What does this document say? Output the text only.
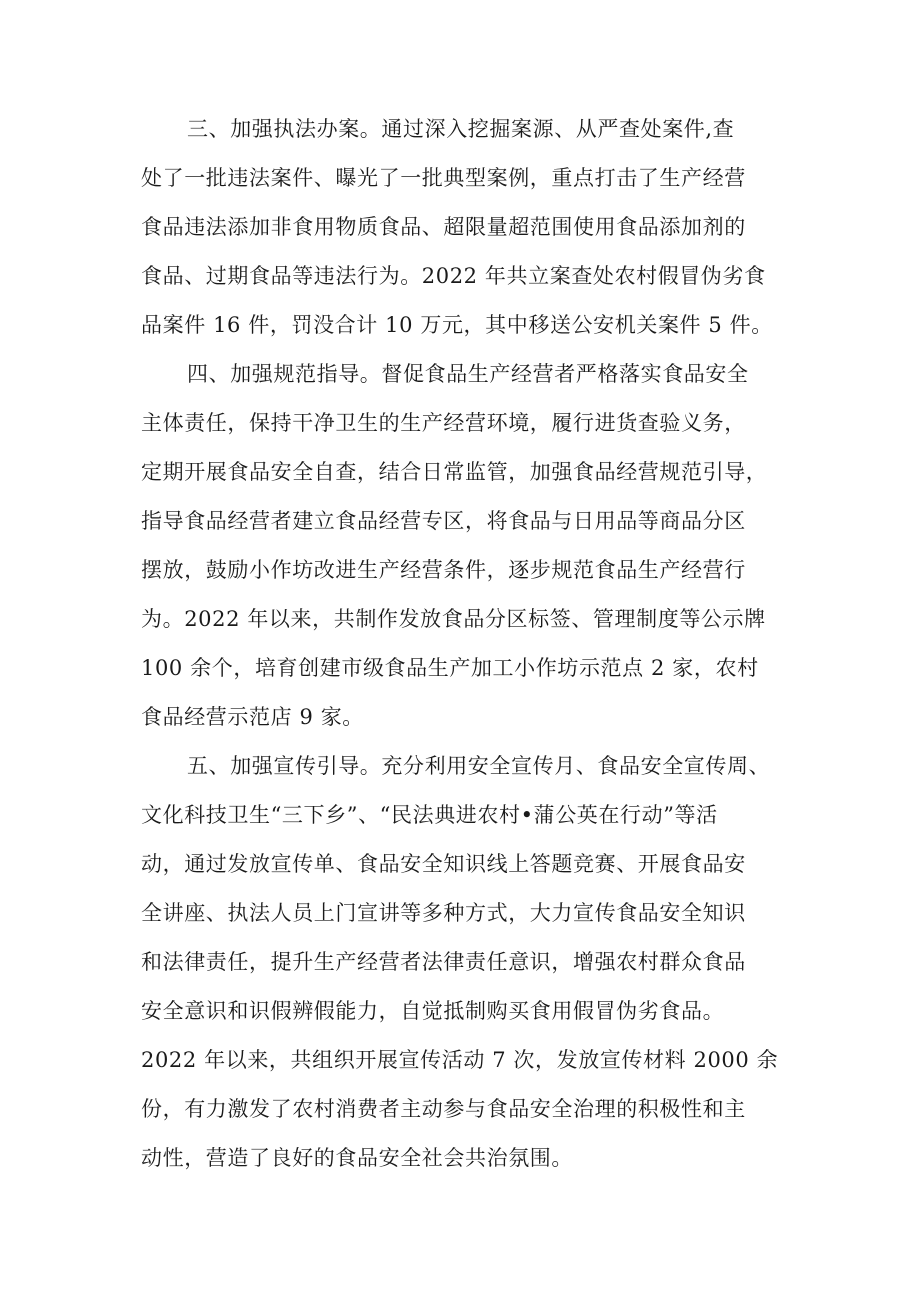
三、加强执法办案。通过深入挖掘案源、从严查处案件,查
处了一批违法案件、曝光了一批典型案例，重点打击了生产经营
食品违法添加非食用物质食品、超限量超范围使用食品添加剂的
食品、过期食品等违法行为。2022 年共立案查处农村假冒伪劣食
品案件 16 件，罚没合计 10 万元，其中移送公安机关案件 5 件。
四、加强规范指导。督促食品生产经营者严格落实食品安全
主体责任，保持干净卫生的生产经营环境，履行进货查验义务，
定期开展食品安全自查，结合日常监管，加强食品经营规范引导，
指导食品经营者建立食品经营专区，将食品与日用品等商品分区
摆放，鼓励小作坊改进生产经营条件，逐步规范食品生产经营行
为。2022 年以来，共制作发放食品分区标签、管理制度等公示牌
100 余个，培育创建市级食品生产加工小作坊示范点 2 家，农村
食品经营示范店 9 家。
五、加强宣传引导。充分利用安全宣传月、食品安全宣传周、
文化科技卫生“三下乡”、“民法典进农村•蒲公英在行动”等活
动，通过发放宣传单、食品安全知识线上答题竞赛、开展食品安
全讲座、执法人员上门宣讲等多种方式，大力宣传食品安全知识
和法律责任，提升生产经营者法律责任意识，增强农村群众食品
安全意识和识假辨假能力，自觉抵制购买食用假冒伪劣食品。
2022 年以来，共组织开展宣传活动 7 次，发放宣传材料 2000 余
份，有力激发了农村消费者主动参与食品安全治理的积极性和主
动性，营造了良好的食品安全社会共治氛围。
